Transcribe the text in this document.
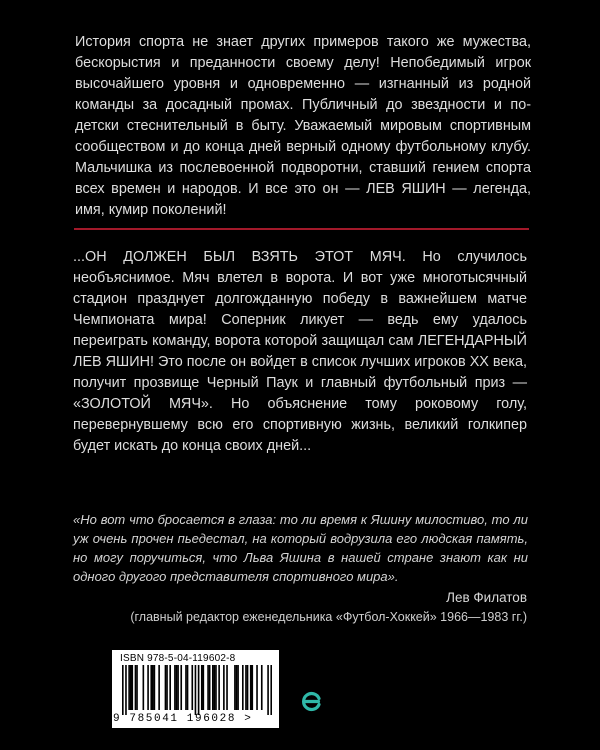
История спорта не знает других примеров такого же мужества, бескорыстия и преданности своему делу! Непобедимый игрок высочайшего уровня и одновременно — изгнанный из родной команды за досадный промах. Публичный до звездности и по-детски стеснительный в быту. Уважаемый мировым спортивным сообществом и до конца дней верный одному футбольному клубу. Мальчишка из послевоенной подворотни, ставший гением спорта всех времен и народов. И все это он — ЛЕВ ЯШИН — легенда, имя, кумир поколений!

...ОН ДОЛЖЕН БЫЛ ВЗЯТЬ ЭТОТ МЯЧ. Но случилось необъяснимое. Мяч влетел в ворота. И вот уже многотысячный стадион празднует долгожданную победу в важнейшем матче Чемпионата мира! Соперник ликует — ведь ему удалось переиграть команду, ворота которой защищал сам ЛЕГЕНДАРНЫЙ ЛЕВ ЯШИН! Это после он войдет в список лучших игроков XX века, получит прозвище Черный Паук и главный футбольный приз — «ЗОЛОТОЙ МЯЧ». Но объяснение тому роковому голу, перевернувшему всю его спортивную жизнь, великий голкипер будет искать до конца своих дней...

«Но вот что бросается в глаза: то ли время к Яшину милостиво, то ли уж очень прочен пьедестал, на который водрузила его людская память, но могу поручиться, что Льва Яшина в нашей стране знают как ни одного другого представителя спортивного мира».

Лев Филатов
(главный редактор еженедельника «Футбол-Хоккей» 1966—1983 гг.)
ISBN 978-5-04-119602-8
9 785041 196028 >
